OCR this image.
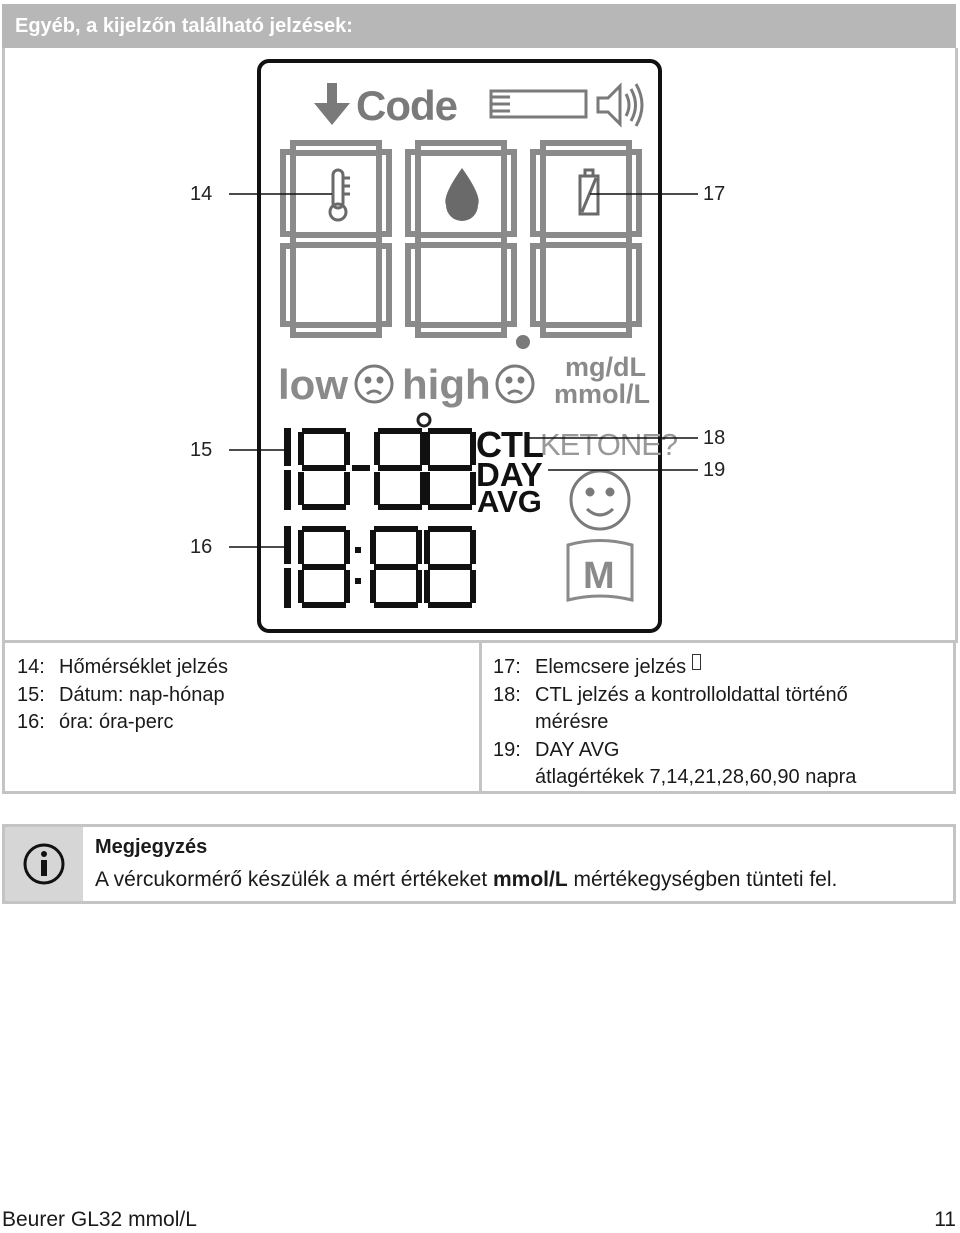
Egyéb, a kijelzőn található jelzések:
Code
low high	mg/dL
mmol/L
CTL
KETONE?
DAY
AVG
M
14
15
16
17
18
19
14: Hőmérséklet jelzés
15: Dátum: nap-hónap
16: óra: óra-perc
17: Elemcsere jelzés
18: CTL jelzés a kontrolloldattal történő
mérésre
19: DAY AVG
átlagértékek 7,14,21,28,60,90 napra
Megjegyzés
A vércukormérő készülék a mért értékeket mmol/L mértékegységben tünteti fel.
Beurer GL32 mmol/L	11
